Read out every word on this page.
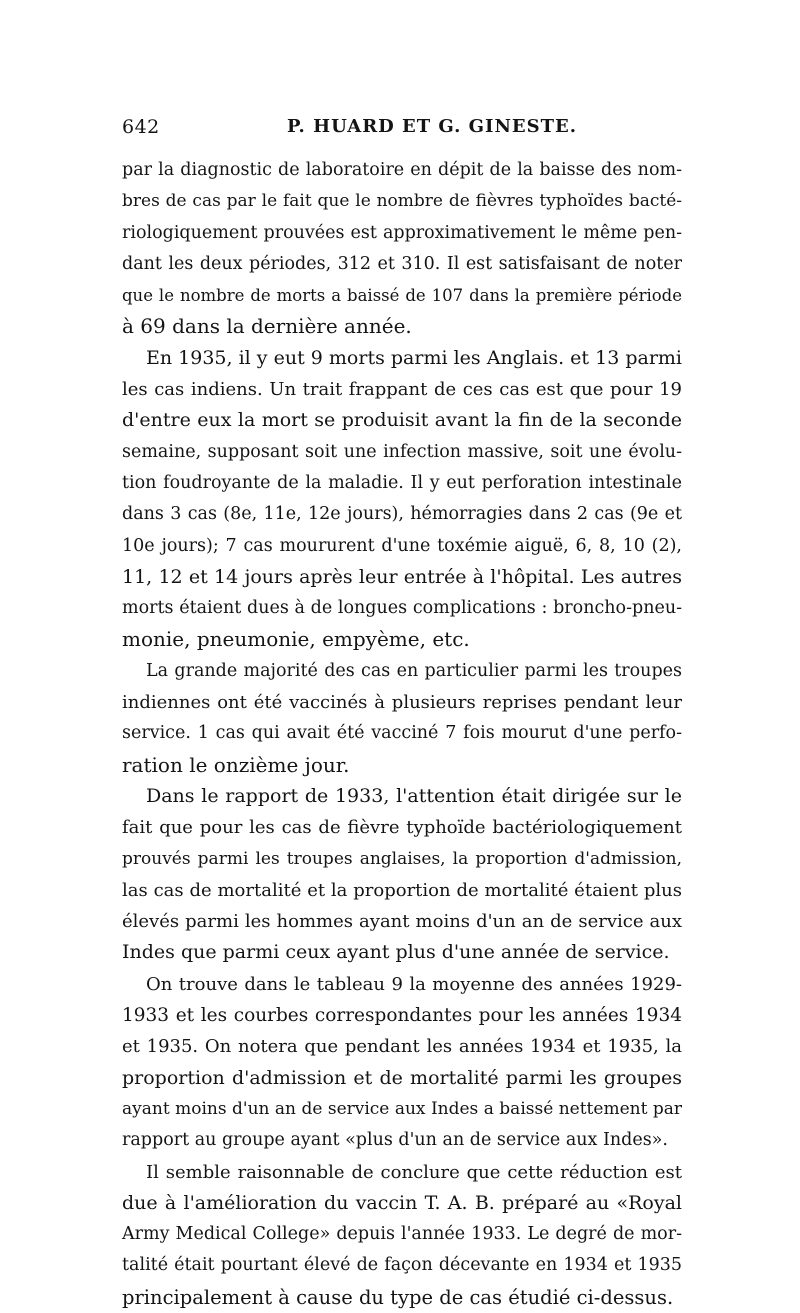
642	P. HUARD ET G. GINESTE.
par la diagnostic de laboratoire en dépit de la baisse des nom-
bres de cas par le fait que le nombre de fièvres typhoïdes bacté-
riologiquement prouvées est approximativement le même pen-
dant les deux périodes, 312 et 310. Il est satisfaisant de noter
que le nombre de morts a baissé de 107 dans la première période
à 69 dans la dernière année.
En 1935, il y eut 9 morts parmi les Anglais. et 13 parmi
les cas indiens. Un trait frappant de ces cas est que pour 19
d'entre eux la mort se produisit avant la fin de la seconde
semaine, supposant soit une infection massive, soit une évolu-
tion foudroyante de la maladie. Il y eut perforation intestinale
dans 3 cas (8e, 11e, 12e jours), hémorragies dans 2 cas (9e et
10e jours); 7 cas moururent d'une toxémie aiguë, 6, 8, 10 (2),
11, 12 et 14 jours après leur entrée à l'hôpital. Les autres
morts étaient dues à de longues complications : broncho-pneu-
monie, pneumonie, empyème, etc.
La grande majorité des cas en particulier parmi les troupes
indiennes ont été vaccinés à plusieurs reprises pendant leur
service. 1 cas qui avait été vacciné 7 fois mourut d'une perfo-
ration le onzième jour.
Dans le rapport de 1933, l'attention était dirigée sur le
fait que pour les cas de fièvre typhoïde bactériologiquement
prouvés parmi les troupes anglaises, la proportion d'admission,
las cas de mortalité et la proportion de mortalité étaient plus
élevés parmi les hommes ayant moins d'un an de service aux
Indes que parmi ceux ayant plus d'une année de service.
On trouve dans le tableau 9 la moyenne des années 1929-
1933 et les courbes correspondantes pour les années 1934
et 1935. On notera que pendant les années 1934 et 1935, la
proportion d'admission et de mortalité parmi les groupes
ayant moins d'un an de service aux Indes a baissé nettement par
rapport au groupe ayant «plus d'un an de service aux Indes».
Il semble raisonnable de conclure que cette réduction est
due à l'amélioration du vaccin T. A. B. préparé au «Royal
Army Medical College» depuis l'année 1933. Le degré de mor-
talité était pourtant élevé de façon décevante en 1934 et 1935
principalement à cause du type de cas étudié ci-dessus.
